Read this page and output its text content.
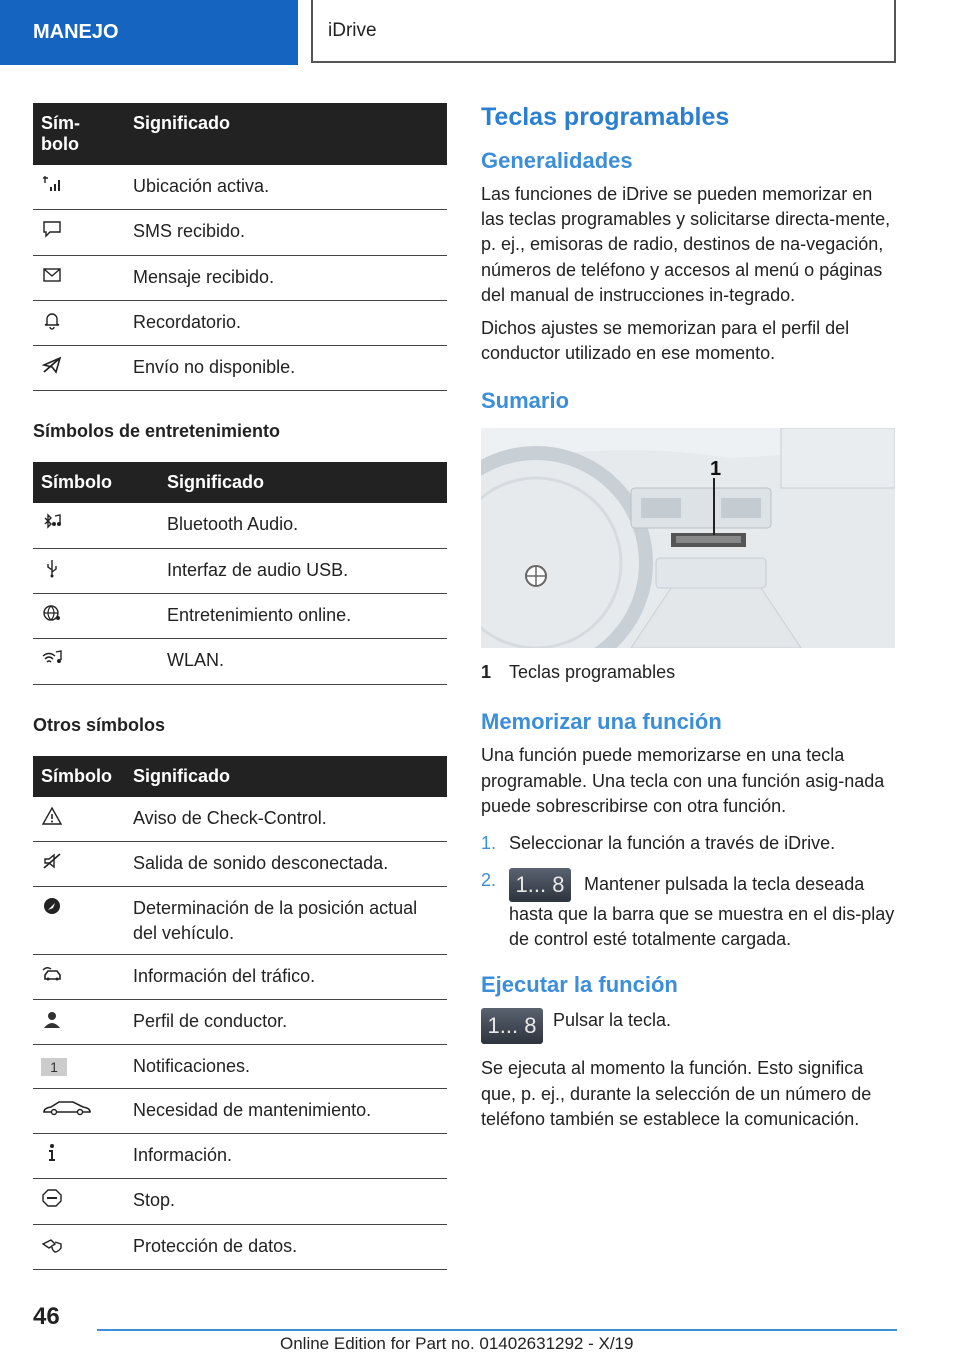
MANEJO	iDrive
Sím-bolo	Significado

	Ubicación activa.

	SMS recibido.

	Mensaje recibido.

	Recordatorio.

	Envío no disponible.
Símbolos de entretenimiento
Símbolo	Significado

	Bluetooth Audio.

	Interfaz de audio USB.

	Entretenimiento online.

	WLAN.
Otros símbolos
Símbolo	Significado

	Aviso de Check-Control.

	Salida de sonido desconectada.

	Determinación de la posición actual del vehículo.

	Información del tráfico.

	Perfil de conductor.
1	Notificaciones.

	Necesidad de mantenimiento.

	Información.

	Stop.

	Protección de datos.
Teclas programables
Generalidades

Las funciones de iDrive se pueden memorizar en las teclas programables y solicitarse directa-mente, p. ej., emisoras de radio, destinos de na-vegación, números de teléfono y accesos al menú o páginas del manual de instrucciones in-tegrado.

Dichos ajustes se memorizan para el perfil del conductor utilizado en ese momento.

Sumario
1
1 Teclas programables
Memorizar una función

Una función puede memorizarse en una tecla programable. Una tecla con una función asig-nada puede sobrescribirse con otra función.

1. Seleccionar la función a través de iDrive.
2. 1... 8 Mantener pulsada la tecla deseada hasta que la barra que se muestra en el dis-play de control esté totalmente cargada.
Ejecutar la función
1... 8 Pulsar la tecla.

Se ejecuta al momento la función. Esto significa que, p. ej., durante la selección de un número de teléfono también se establece la comunicación.

46
Online Edition for Part no. 01402631292 - X/19
